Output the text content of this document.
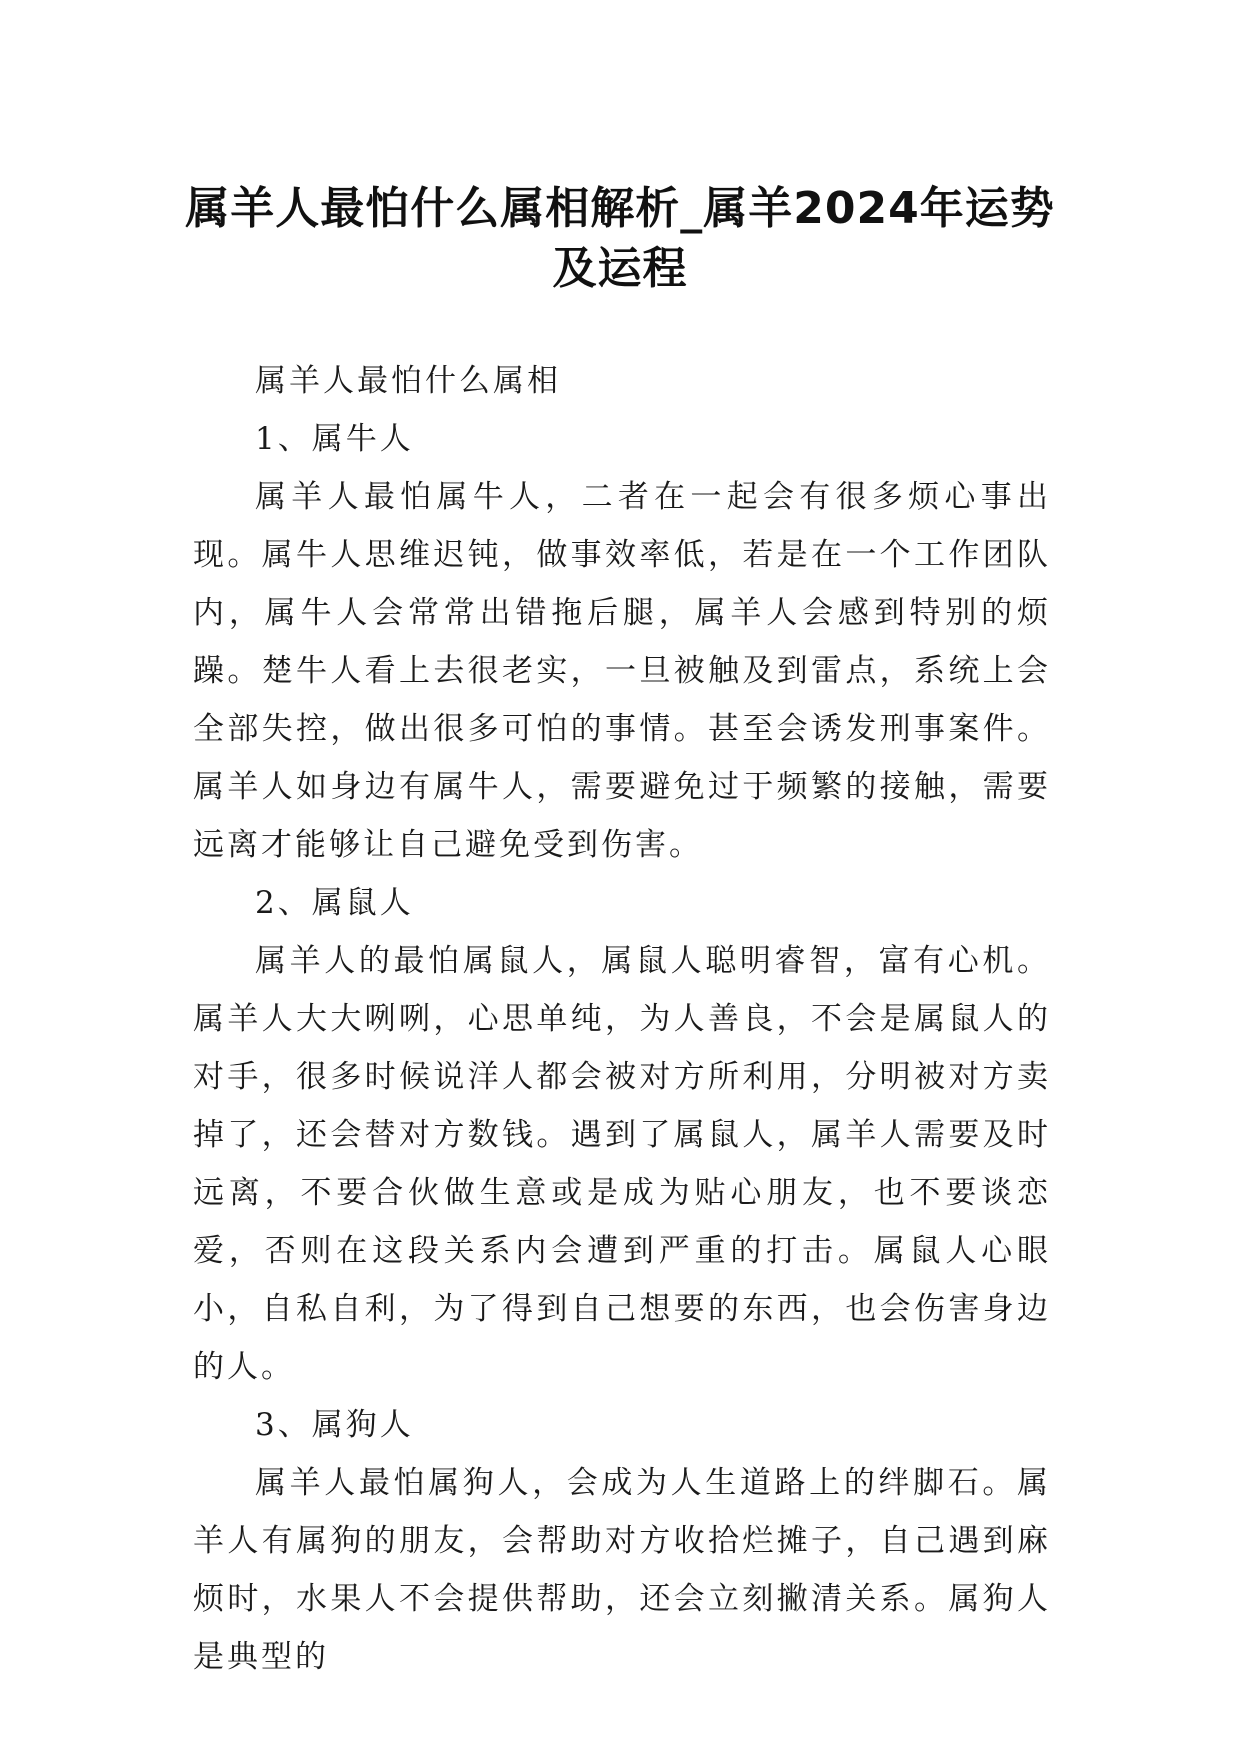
属羊人最怕什么属相解析_属羊2024年运势及运程

属羊人最怕什么属相

1、属牛人

属羊人最怕属牛人，二者在一起会有很多烦心事出现。属牛人思维迟钝，做事效率低，若是在一个工作团队内，属牛人会常常出错拖后腿，属羊人会感到特别的烦躁。楚牛人看上去很老实，一旦被触及到雷点，系统上会全部失控，做出很多可怕的事情。甚至会诱发刑事案件。属羊人如身边有属牛人，需要避免过于频繁的接触，需要远离才能够让自己避免受到伤害。

2、属鼠人

属羊人的最怕属鼠人，属鼠人聪明睿智，富有心机。属羊人大大咧咧，心思单纯，为人善良，不会是属鼠人的对手，很多时候说洋人都会被对方所利用，分明被对方卖掉了，还会替对方数钱。遇到了属鼠人，属羊人需要及时远离，不要合伙做生意或是成为贴心朋友，也不要谈恋爱，否则在这段关系内会遭到严重的打击。属鼠人心眼小，自私自利，为了得到自己想要的东西，也会伤害身边的人。

3、属狗人

属羊人最怕属狗人，会成为人生道路上的绊脚石。属羊人有属狗的朋友，会帮助对方收拾烂摊子，自己遇到麻烦时，水果人不会提供帮助，还会立刻撇清关系。属狗人是典型的
